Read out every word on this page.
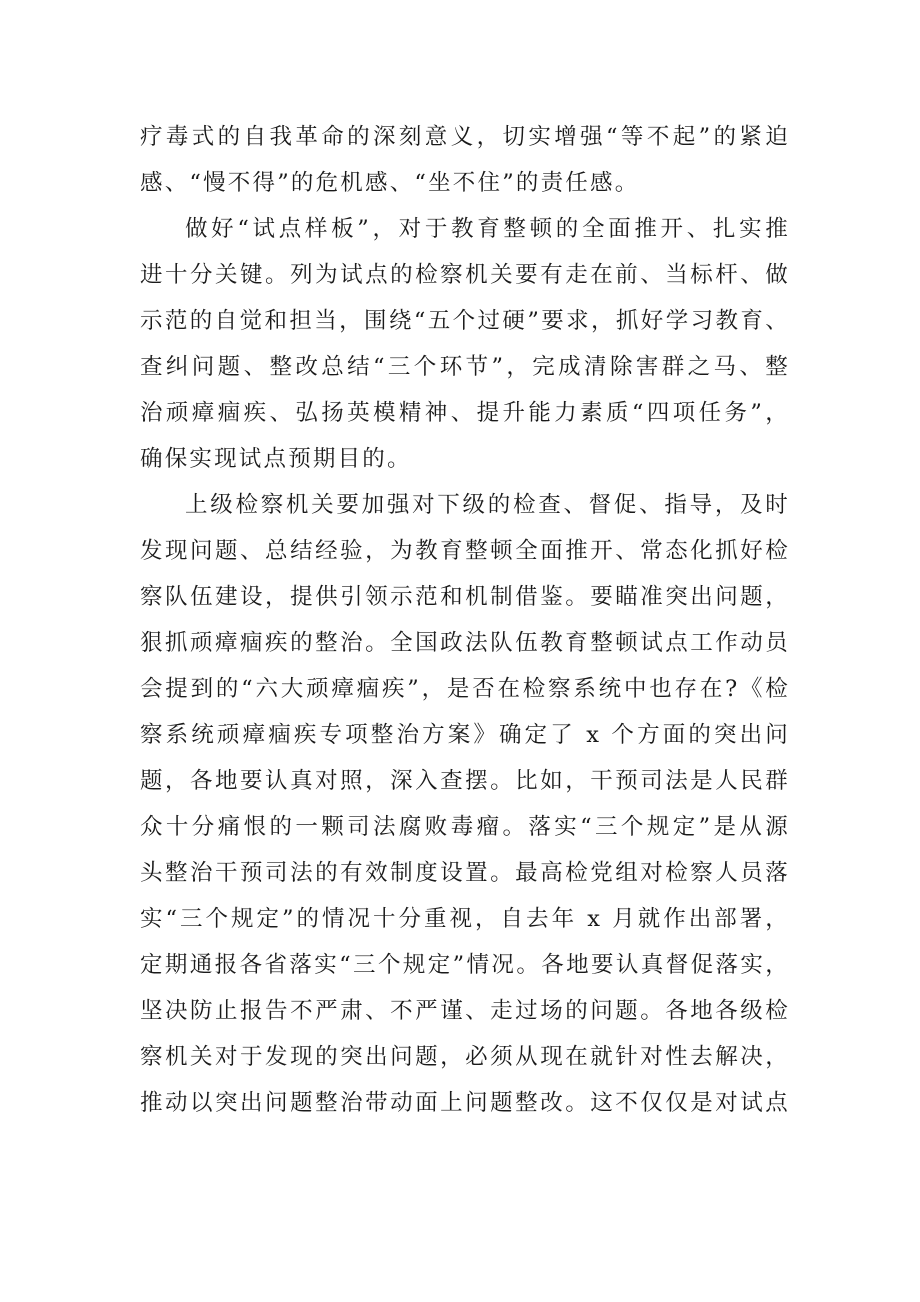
疗毒式的自我革命的深刻意义，切实增强“等不起”的紧迫
感、“慢不得”的危机感、“坐不住”的责任感。

做好“试点样板”，对于教育整顿的全面推开、扎实推
进十分关键。列为试点的检察机关要有走在前、当标杆、做
示范的自觉和担当，围绕“五个过硬”要求，抓好学习教育、
查纠问题、整改总结“三个环节”，完成清除害群之马、整
治顽瘴痼疾、弘扬英模精神、提升能力素质“四项任务”，
确保实现试点预期目的。

上级检察机关要加强对下级的检查、督促、指导，及时
发现问题、总结经验，为教育整顿全面推开、常态化抓好检
察队伍建设，提供引领示范和机制借鉴。要瞄准突出问题，
狠抓顽瘴痼疾的整治。全国政法队伍教育整顿试点工作动员
会提到的“六大顽瘴痼疾”，是否在检察系统中也存在?《检
察系统顽瘴痼疾专项整治方案》确定了 x 个方面的突出问
题，各地要认真对照，深入查摆。比如，干预司法是人民群
众十分痛恨的一颗司法腐败毒瘤。落实“三个规定”是从源
头整治干预司法的有效制度设置。最高检党组对检察人员落
实“三个规定”的情况十分重视，自去年 x 月就作出部署，
定期通报各省落实“三个规定”情况。各地要认真督促落实，
坚决防止报告不严肃、不严谨、走过场的问题。各地各级检
察机关对于发现的突出问题，必须从现在就针对性去解决，
推动以突出问题整治带动面上问题整改。这不仅仅是对试点
